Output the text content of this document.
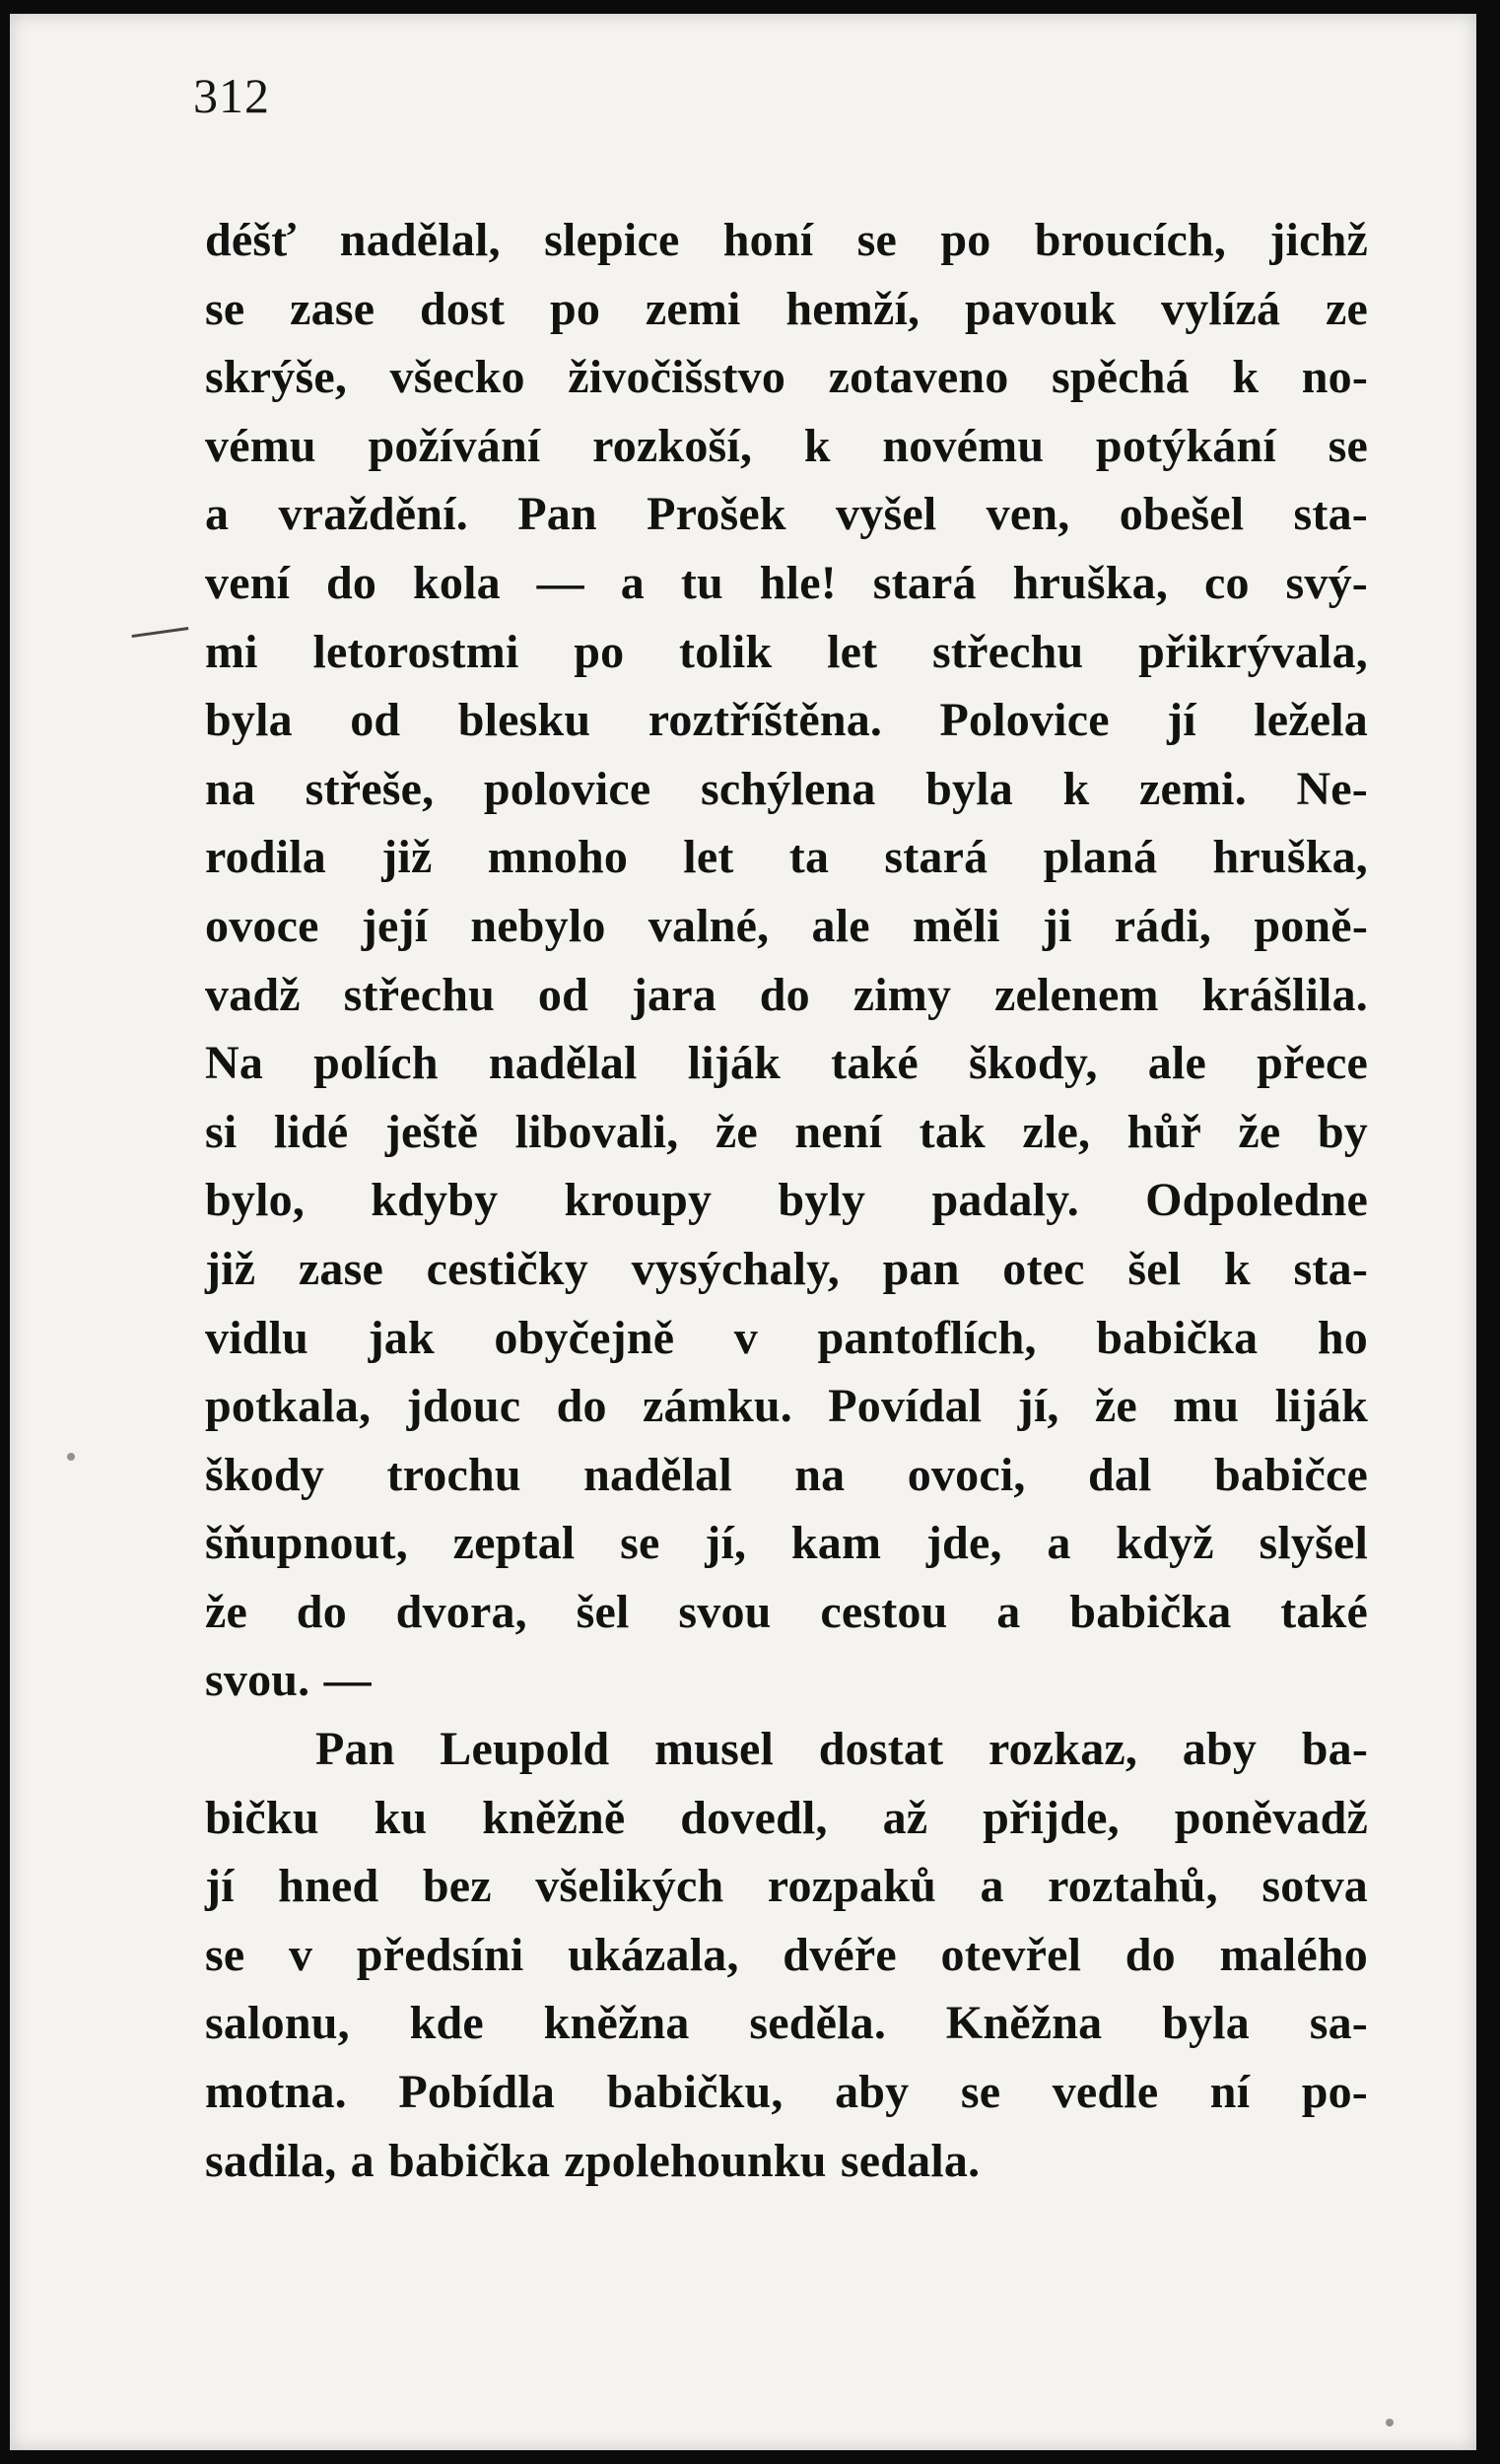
312
déšť nadělal, slepice honí se po broucích, jichž
se zase dost po zemi hemží, pavouk vylízá ze
skrýše, všecko živočišstvo zotaveno spěchá k no-
vému požívání rozkoší, k novému potýkání se
a vraždění. Pan Prošek vyšel ven, obešel sta-
vení do kola — a tu hle! stará hruška, co svý-
mi letorostmi po tolik let střechu přikrývala,
byla od blesku roztříštěna. Polovice jí ležela
na střeše, polovice schýlena byla k zemi. Ne-
rodila již mnoho let ta stará planá hruška,
ovoce její nebylo valné, ale měli ji rádi, poně-
vadž střechu od jara do zimy zelenem krášlila.
Na polích nadělal liják také škody, ale přece
si lidé ještě libovali, že není tak zle, hůř že by
bylo, kdyby kroupy byly padaly. Odpoledne
již zase cestičky vysýchaly, pan otec šel k sta-
vidlu jak obyčejně v pantoflích, babička ho
potkala, jdouc do zámku. Povídal jí, že mu liják
škody trochu nadělal na ovoci, dal babičce
šňupnout, zeptal se jí, kam jde, a když slyšel
že do dvora, šel svou cestou a babička také
svou. —
Pan Leupold musel dostat rozkaz, aby ba-
bičku ku kněžně dovedl, až přijde, poněvadž
jí hned bez všelikých rozpaků a roztahů, sotva
se v předsíni ukázala, dvéře otevřel do malého
salonu, kde kněžna seděla. Kněžna byla sa-
motna. Pobídla babičku, aby se vedle ní po-
sadila, a babička zpolehounku sedala.
